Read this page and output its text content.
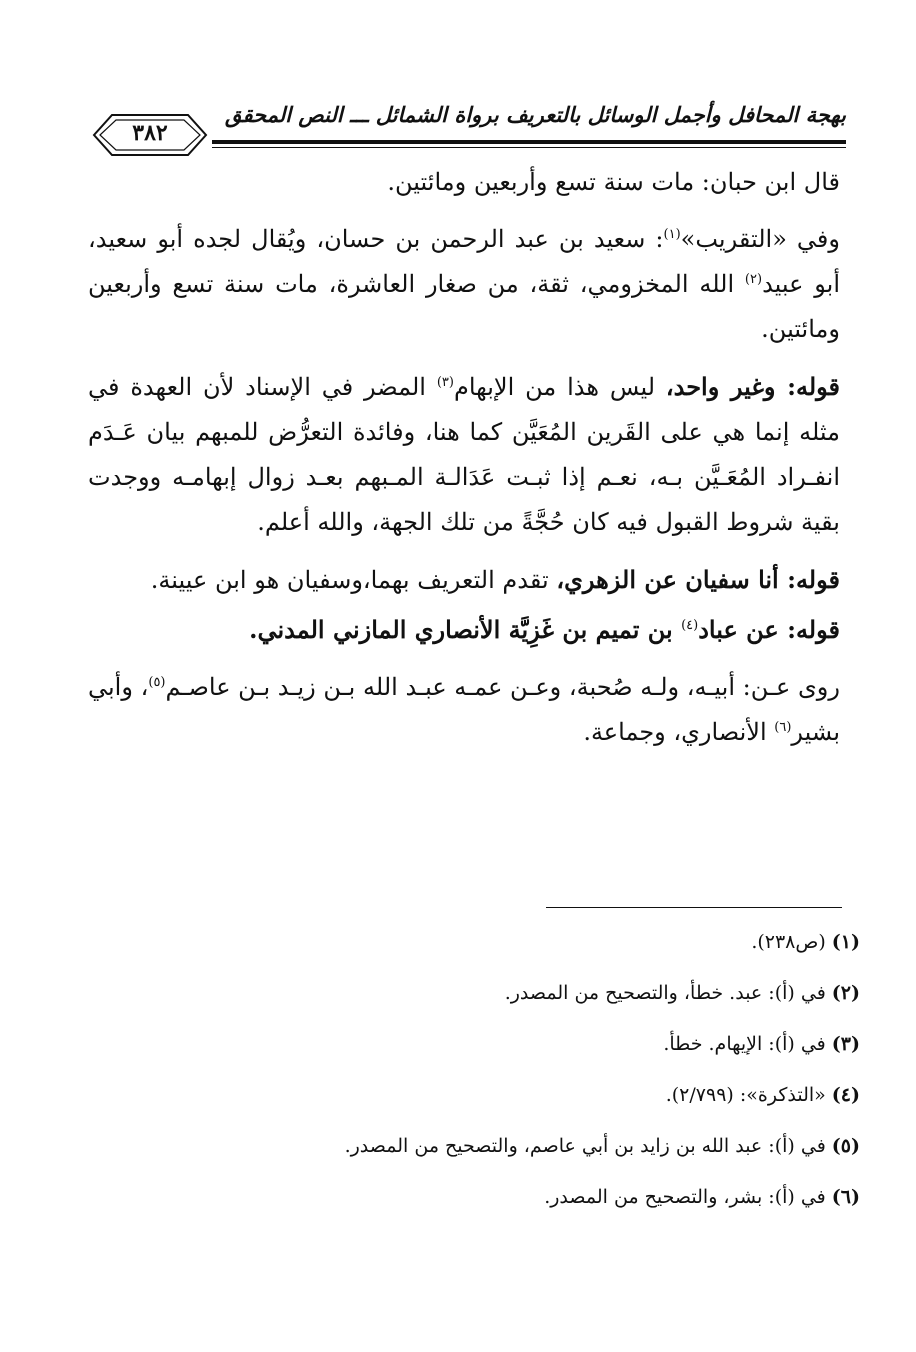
بهجة المحافل وأجمل الوسائل بالتعريف برواة الشمائل ـــ النص المحقق
٣٨٢

قال ابن حبان: مات سنة تسع وأربعين ومائتين.

وفي «التقريب»$^{(١)}$: سعيد بن عبد الرحمن بن حسان، ويُقال لجده أبو سعيد، أبو عبيد$^{(٢)}$ الله المخزومي، ثقة، من صغار العاشرة، مات سنة تسع وأربعين ومائتين.

قوله: وغير واحد، ليس هذا من الإبهام$^{(٣)}$ المضر في الإسناد لأن العهدة في مثله إنما هي على القَرين المُعَيَّن كما هنا، وفائدة التعرُّض للمبهم بيان عَـدَم انفـراد المُعَـيَّن بـه، نعـم إذا ثبـت عَدَالـة المـبهم بعـد زوال إبهامـه ووجدت بقية شروط القبول فيه كان حُجَّةً من تلك الجهة، والله أعلم.

قوله: أنا سفيان عن الزهري، تقدم التعريف بهما،وسفيان هو ابن عيينة.

قوله: عن عباد$^{(٤)}$ بن تميم بن غَزِيَّة الأنصاري المازني المدني.

روى عـن: أبيـه، ولـه صُحبة، وعـن عمـه عبـد الله بـن زيـد بـن عاصـم$^{(٥)}$، وأبي بشير$^{(٦)}$ الأنصاري، وجماعة.

(١)(ص٢٣٨).

(٢)في (أ): عبد. خطأ، والتصحيح من المصدر.

(٣)في (أ): الإيهام. خطأ.

(٤)«التذكرة»: (٢/٧٩٩).

(٥)في (أ): عبد الله بن زايد بن أبي عاصم، والتصحيح من المصدر.

(٦)في (أ): بشر، والتصحيح من المصدر.
